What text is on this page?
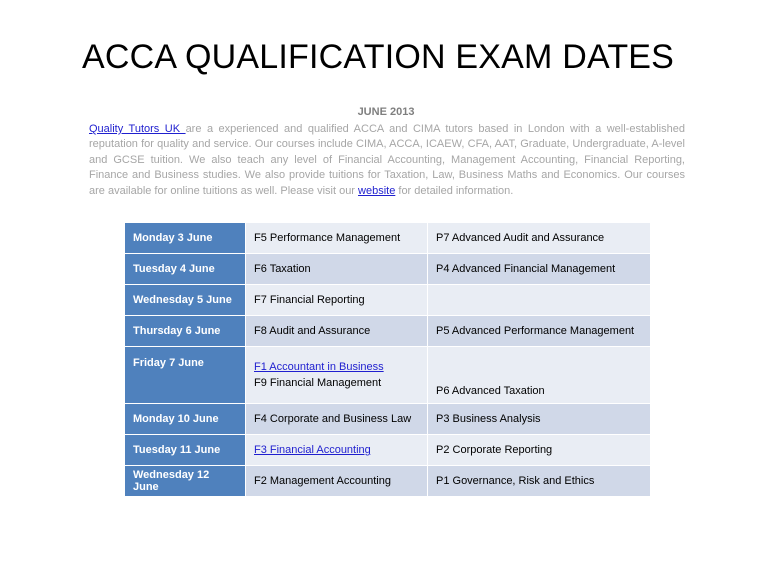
ACCA QUALIFICATION EXAM DATES
JUNE 2013
Quality Tutors UK are a experienced and qualified ACCA and CIMA tutors based in London with a well-established reputation for quality and service. Our courses include CIMA, ACCA, ICAEW, CFA, AAT, Graduate, Undergraduate, A-level and GCSE tuition. We also teach any level of Financial Accounting, Management Accounting, Financial Reporting, Finance and Business studies. We also provide tuitions for Taxation, Law, Business Maths and Economics. Our courses are available for online tuitions as well. Please visit our website for detailed information.
Monday 3 June	F5 Performance Management	P7 Advanced Audit and Assurance
Tuesday 4 June	F6 Taxation	P4 Advanced Financial Management
Wednesday 5 June	F7 Financial Reporting	
Thursday 6 June	F8 Audit and Assurance	P5 Advanced Performance Management
Friday 7 June	F1 Accountant in Business
F9 Financial Management	P6 Advanced Taxation
Monday 10 June	F4 Corporate and Business Law	P3 Business Analysis
Tuesday 11 June	F3 Financial Accounting	P2 Corporate Reporting
Wednesday 12 June	F2 Management Accounting	P1 Governance, Risk and Ethics
